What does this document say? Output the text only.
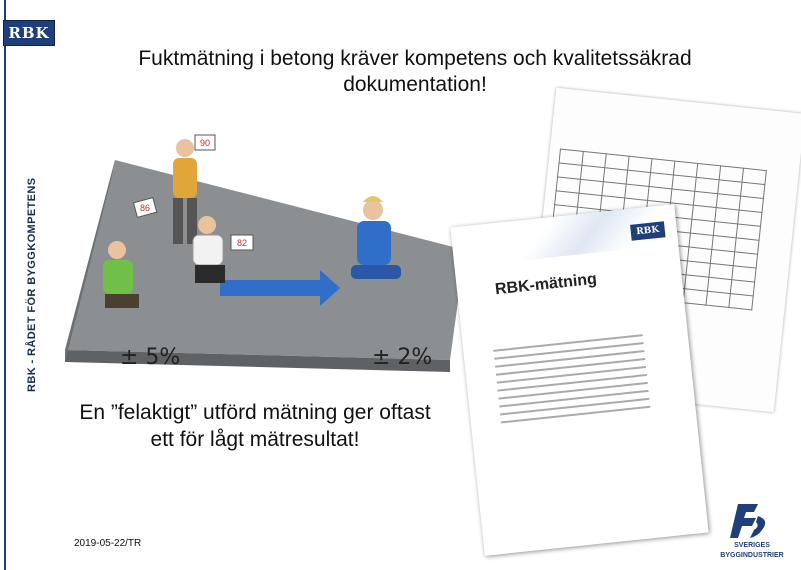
RBK
RBK - RÅDET FÖR BYGGKOMPETENS
Fuktmätning i betong kräver kompetens och kvalitetssäkrad dokumentation!
90
86
82
± 5%	± 2%

RBK
RBK-mätning
En ”felaktigt” utförd mätning ger oftast ett för lågt mätresultat!
2019-05-22/TR	SVERIGES
BYGGINDUSTRIER
